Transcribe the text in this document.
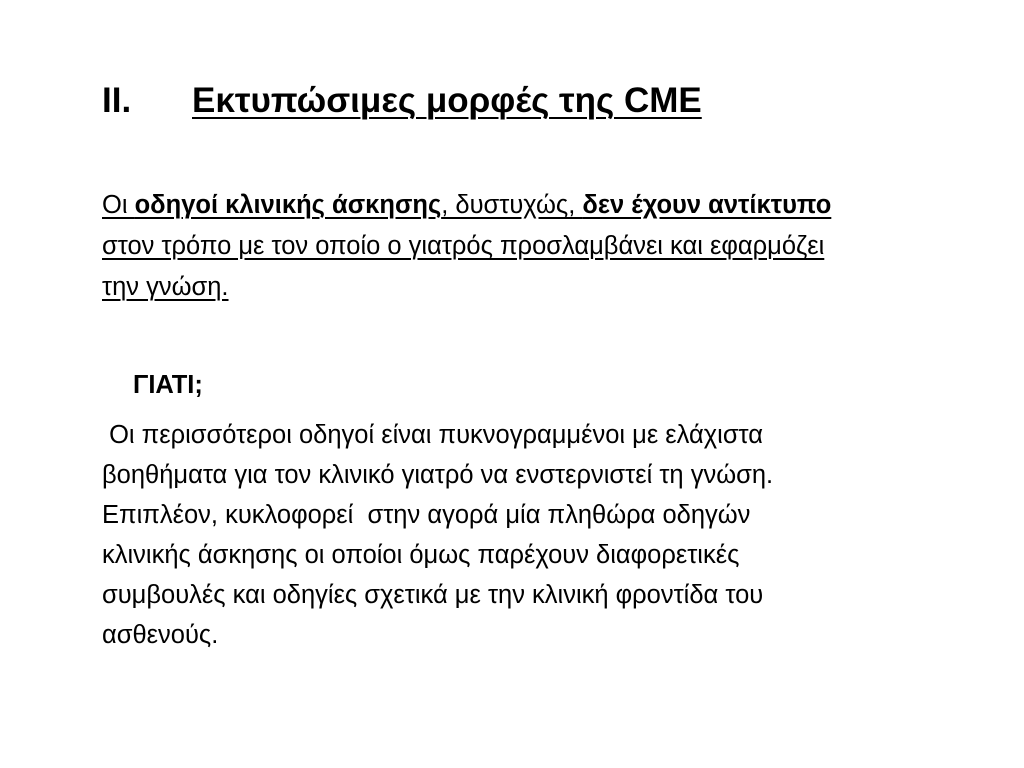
II. Εκτυπώσιμες μορφές της CME
Οι οδηγοί κλινικής άσκησης, δυστυχώς, δεν έχουν αντίκτυπο
στον τρόπο με τον οποίο ο γιατρός προσλαμβάνει και εφαρμόζει
την γνώση.
ΓΙΑΤΙ;
Οι περισσότεροι οδηγοί είναι πυκνογραμμένοι με ελάχιστα
βοηθήματα για τον κλινικό γιατρό να ενστερνιστεί τη γνώση.
Επιπλέον, κυκλοφορεί  στην αγορά μία πληθώρα οδηγών
κλινικής άσκησης οι οποίοι όμως παρέχουν διαφορετικές
συμβουλές και οδηγίες σχετικά με την κλινική φροντίδα του
ασθενούς.
